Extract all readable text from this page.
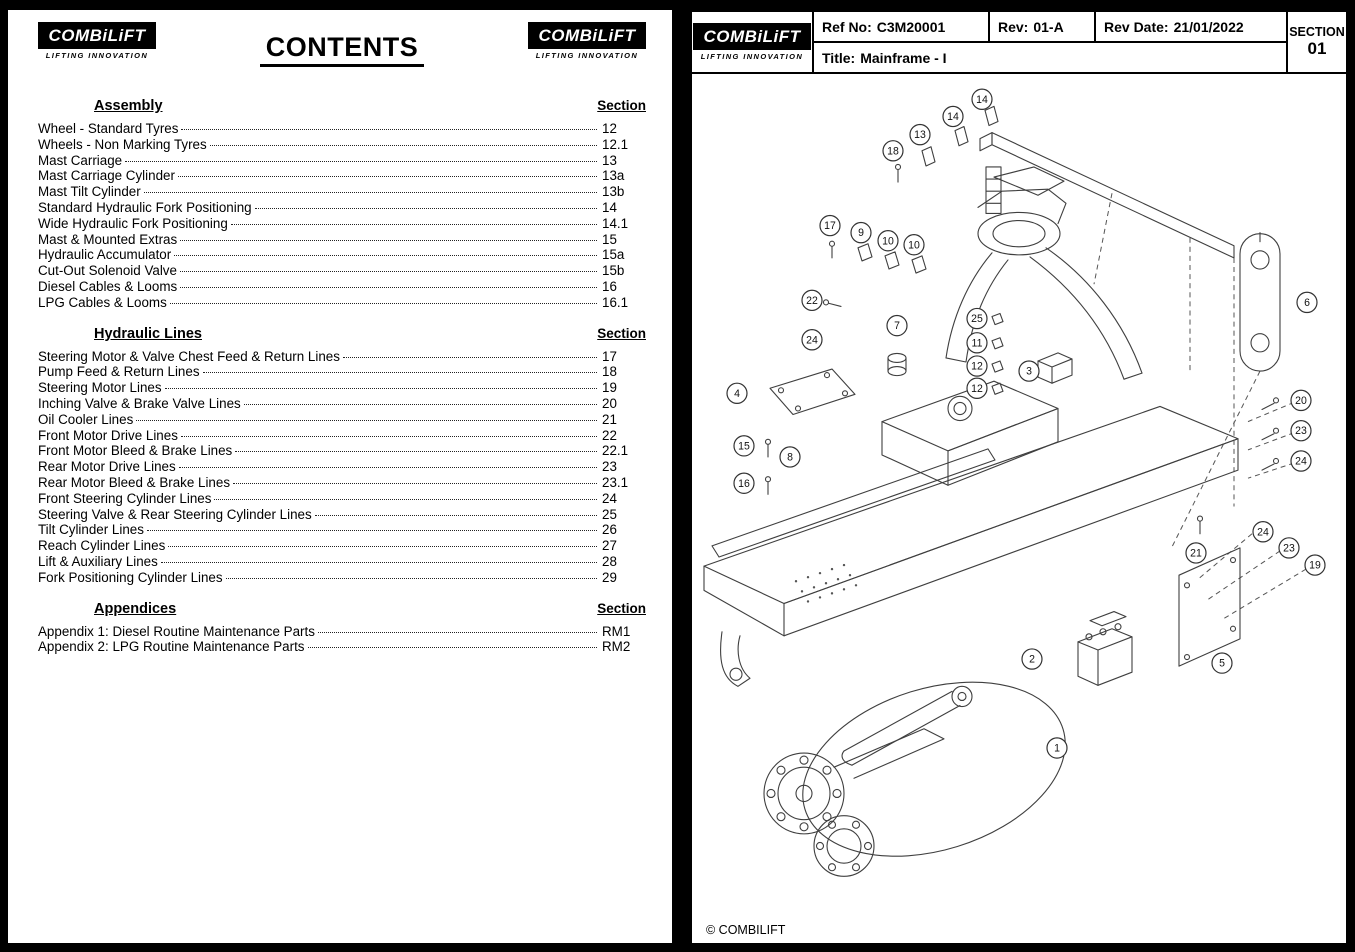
COMBiLiFT
LIFTING INNOVATION	CONTENTS	COMBiLiFT
LIFTING INNOVATION
Assembly	Section
Wheel - Standard Tyres	12
Wheels - Non Marking Tyres	12.1
Mast Carriage	13
Mast Carriage Cylinder	13a
Mast Tilt Cylinder	13b
Standard Hydraulic Fork Positioning	14
Wide Hydraulic Fork Positioning	14.1
Mast & Mounted Extras	15
Hydraulic Accumulator	15a
Cut-Out Solenoid Valve	15b
Diesel Cables & Looms	16
LPG Cables & Looms	16.1
Hydraulic Lines	Section
Steering Motor & Valve Chest Feed & Return Lines	17
Pump Feed & Return Lines	18
Steering Motor Lines	19
Inching Valve & Brake Valve Lines	20
Oil Cooler Lines	21
Front Motor Drive Lines	22
Front Motor Bleed & Brake Lines	22.1
Rear Motor Drive Lines	23
Rear Motor Bleed & Brake Lines	23.1
Front Steering Cylinder Lines	24
Steering Valve & Rear Steering Cylinder Lines	25
Tilt Cylinder Lines	26
Reach Cylinder Lines	27
Lift & Auxiliary Lines	28
Fork Positioning Cylinder Lines	29
Appendices	Section
Appendix 1: Diesel Routine Maintenance Parts	RM1
Appendix 2: LPG Routine Maintenance Parts	RM2
COMBiLiFT
LIFTING INNOVATION
Ref No: C3M20001	Rev: 01-A	Rev Date: 21/01/2022
Title: Mainframe - I
SECTION
01
14
14
13
18
17
9
10 10
22
24
7
25
11
12
12
3
4
15
8
16
6
20
23
24
21
24
23
19
5
2
1
© COMBILIFT
